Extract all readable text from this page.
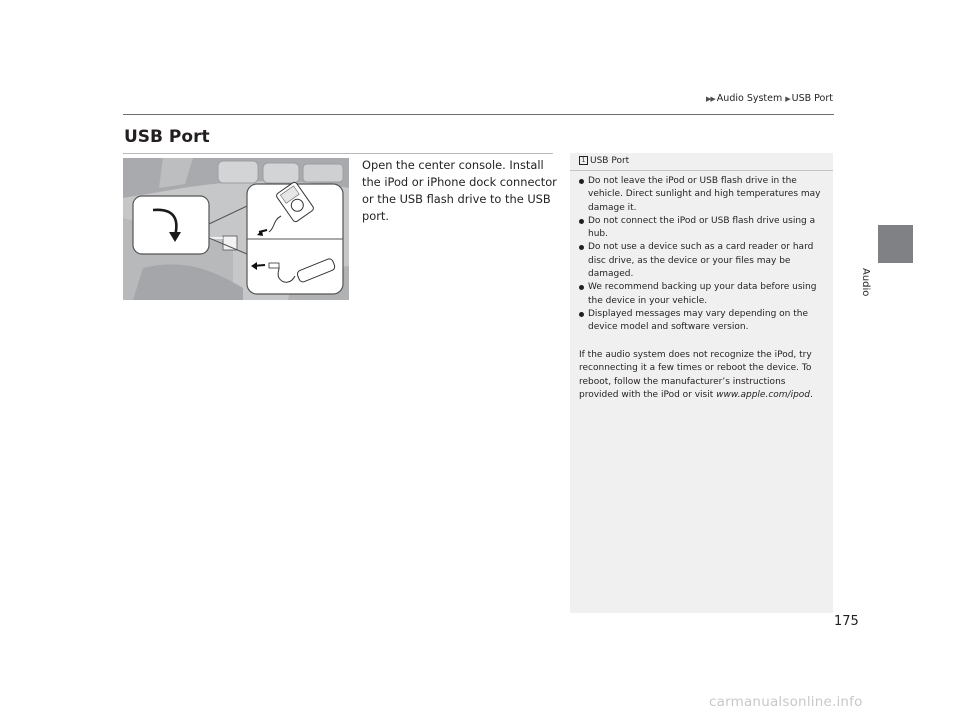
▶▶ Audio System ▶ USB Port
USB Port
Audio

Open the center console. Install the iPod or iPhone dock connector or the USB flash drive to the USB port.

1 USB Port
Do not leave the iPod or USB flash drive in the vehicle. Direct sunlight and high temperatures may damage it.
Do not connect the iPod or USB flash drive using a hub.
Do not use a device such as a card reader or hard disc drive, as the device or your files may be damaged.
We recommend backing up your data before using the device in your vehicle.
Displayed messages may vary depending on the device model and software version.

If the audio system does not recognize the iPod, try reconnecting it a few times or reboot the device. To reboot, follow the manufacturer’s instructions provided with the iPod or visit www.apple.com/ipod.

175
carmanualsonline.info
